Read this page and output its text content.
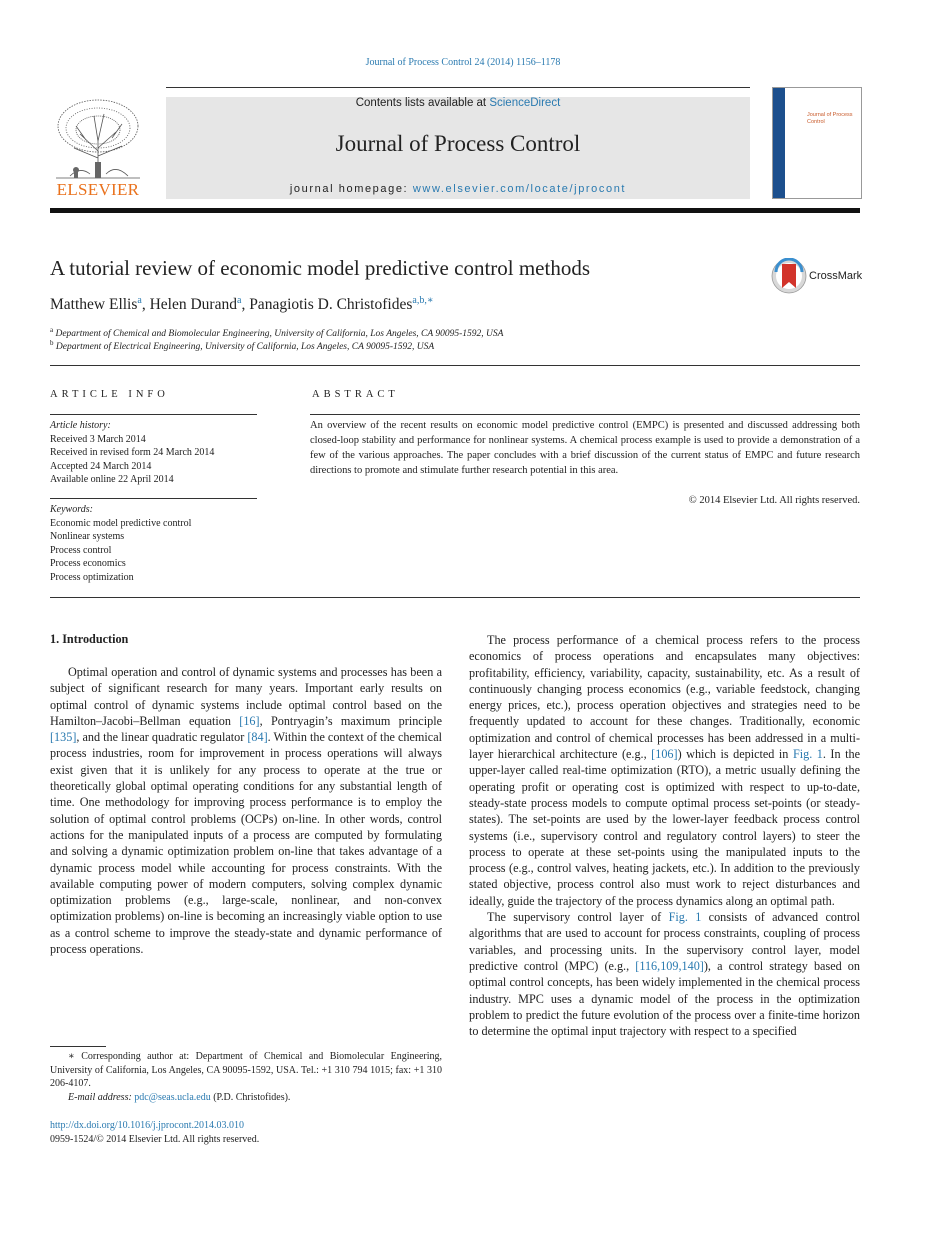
Journal of Process Control 24 (2014) 1156–1178
ELSEVIER
Contents lists available at ScienceDirect
Journal of Process Control
journal homepage: www.elsevier.com/locate/jprocont
Journal of Process Control
A tutorial review of economic model predictive control methods	CrossMark
Matthew Ellis$^a$, Helen Durand$^a$, Panagiotis D. Christofides$^{a,b,∗}$
$^a$ Department of Chemical and Biomolecular Engineering, University of California, Los Angeles, CA 90095-1592, USA
$^b$ Department of Electrical Engineering, University of California, Los Angeles, CA 90095-1592, USA
ARTICLE INFO
Article history:
Received 3 March 2014
Received in revised form 24 March 2014
Accepted 24 March 2014
Available online 22 April 2014
Keywords:
Economic model predictive control
Nonlinear systems
Process control
Process economics
Process optimization
ABSTRACT
An overview of the recent results on economic model predictive control (EMPC) is presented and discussed addressing both closed-loop stability and performance for nonlinear systems. A chemical process example is used to provide a demonstration of a few of the various approaches. The paper concludes with a brief discussion of the current status of EMPC and future research directions to promote and stimulate further research potential in this area.
© 2014 Elsevier Ltd. All rights reserved.
1. Introduction

Optimal operation and control of dynamic systems and processes has been a subject of significant research for many years. Important early results on optimal control of dynamic systems include optimal control based on the Hamilton–Jacobi–Bellman equation [16], Pontryagin’s maximum principle [135], and the linear quadratic regulator [84]. Within the context of the chemical process industries, room for improvement in process operations will always exist given that it is unlikely for any process to operate at the true or theoretically global optimal operating conditions for any substantial length of time. One methodology for improving process performance is to employ the solution of optimal control problems (OCPs) on-line. In other words, control actions for the manipulated inputs of a process are computed by formulating and solving a dynamic optimization problem on-line that takes advantage of a dynamic process model while accounting for process constraints. With the available computing power of modern computers, solving complex dynamic optimization problems (e.g., large-scale, nonlinear, and non-convex optimization problems) on-line is becoming an increasingly viable option to use as a control scheme to improve the steady-state and dynamic performance of process operations.

The process performance of a chemical process refers to the process economics of process operations and encapsulates many objectives: profitability, efficiency, variability, capacity, sustainability, etc. As a result of continuously changing process economics (e.g., variable feedstock, changing energy prices, etc.), process operation objectives and strategies need to be frequently updated to account for these changes. Traditionally, economic optimization and control of chemical processes has been addressed in a multi-layer hierarchical architecture (e.g., [106]) which is depicted in Fig. 1. In the upper-layer called real-time optimization (RTO), a metric usually defining the operating profit or operating cost is optimized with respect to up-to-date, steady-state process models to compute optimal process set-points (or steady-states). The set-points are used by the lower-layer feedback process control systems (i.e., supervisory control and regulatory control layers) to steer the process to operate at these set-points using the manipulated inputs to the process (e.g., control valves, heating jackets, etc.). In addition to the previously stated objective, process control also must work to reject disturbances and ideally, guide the trajectory of the process dynamics along an optimal path.

The supervisory control layer of Fig. 1 consists of advanced control algorithms that are used to account for process constraints, coupling of process variables, and processing units. In the supervisory control layer, model predictive control (MPC) (e.g., [116,109,140]), a control strategy based on optimal control concepts, has been widely implemented in the chemical process industry. MPC uses a dynamic model of the process in the optimization problem to predict the future evolution of the process over a finite-time horizon to determine the optimal input trajectory with respect to a specified

∗ Corresponding author at: Department of Chemical and Biomolecular Engineering, University of California, Los Angeles, CA 90095-1592, USA. Tel.: +1 310 794 1015; fax: +1 310 206-4107.
E-mail address: pdc@seas.ucla.edu (P.D. Christofides).
http://dx.doi.org/10.1016/j.jprocont.2014.03.010
0959-1524/© 2014 Elsevier Ltd. All rights reserved.
